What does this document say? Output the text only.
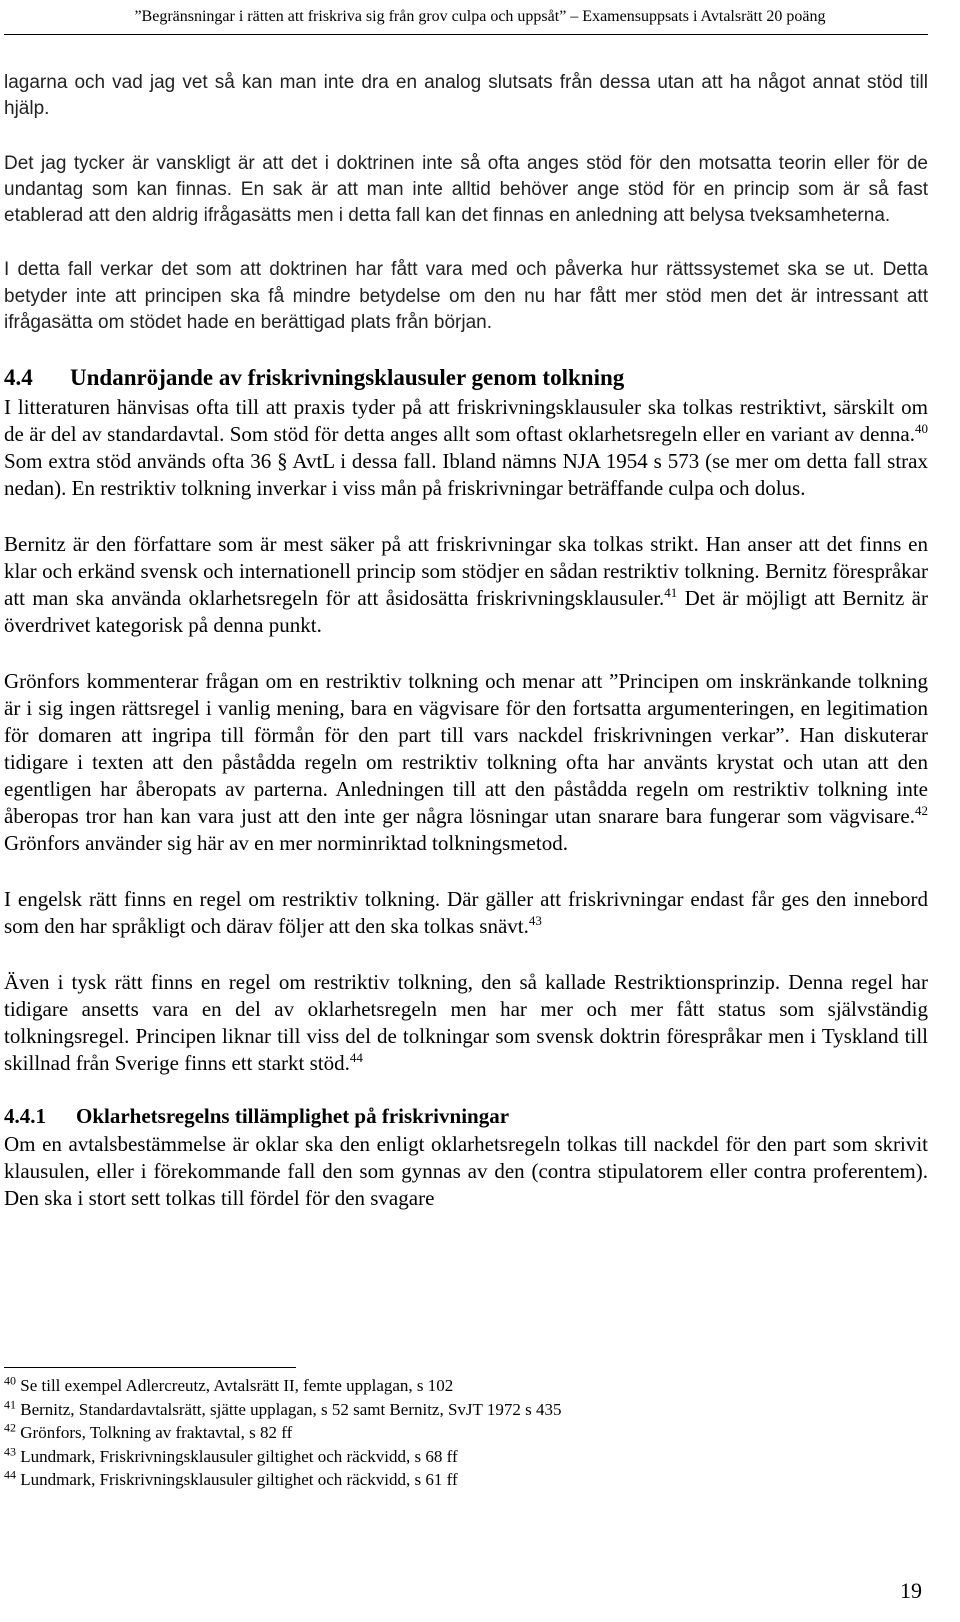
”Begränsningar i rätten att friskriva sig från grov culpa och uppsåt” – Examensuppsats i Avtalsrätt 20 poäng

lagarna och vad jag vet så kan man inte dra en analog slutsats från dessa utan att ha något annat stöd till hjälp.

Det jag tycker är vanskligt är att det i doktrinen inte så ofta anges stöd för den motsatta teorin eller för de undantag som kan finnas. En sak är att man inte alltid behöver ange stöd för en princip som är så fast etablerad att den aldrig ifrågasätts men i detta fall kan det finnas en anledning att belysa tveksamheterna.

I detta fall verkar det som att doktrinen har fått vara med och påverka hur rättssystemet ska se ut. Detta betyder inte att principen ska få mindre betydelse om den nu har fått mer stöd men det är intressant att ifrågasätta om stödet hade en berättigad plats från början.

4.4 Undanröjande av friskrivningsklausuler genom tolkning

I litteraturen hänvisas ofta till att praxis tyder på att friskrivningsklausuler ska tolkas restriktivt, särskilt om de är del av standardavtal. Som stöd för detta anges allt som oftast oklarhetsregeln eller en variant av denna.$^{40}$ Som extra stöd används ofta 36 § AvtL i dessa fall. Ibland nämns NJA 1954 s 573 (se mer om detta fall strax nedan). En restriktiv tolkning inverkar i viss mån på friskrivningar beträffande culpa och dolus.

Bernitz är den författare som är mest säker på att friskrivningar ska tolkas strikt. Han anser att det finns en klar och erkänd svensk och internationell princip som stödjer en sådan restriktiv tolkning. Bernitz förespråkar att man ska använda oklarhetsregeln för att åsidosätta friskrivningsklausuler.$^{41}$ Det är möjligt att Bernitz är överdrivet kategorisk på denna punkt.

Grönfors kommenterar frågan om en restriktiv tolkning och menar att ”Principen om inskränkande tolkning är i sig ingen rättsregel i vanlig mening, bara en vägvisare för den fortsatta argumenteringen, en legitimation för domaren att ingripa till förmån för den part till vars nackdel friskrivningen verkar”. Han diskuterar tidigare i texten att den påstådda regeln om restriktiv tolkning ofta har använts krystat och utan att den egentligen har åberopats av parterna. Anledningen till att den påstådda regeln om restriktiv tolkning inte åberopas tror han kan vara just att den inte ger några lösningar utan snarare bara fungerar som vägvisare.$^{42}$ Grönfors använder sig här av en mer norminriktad tolkningsmetod.

I engelsk rätt finns en regel om restriktiv tolkning. Där gäller att friskrivningar endast får ges den innebord som den har språkligt och därav följer att den ska tolkas snävt.$^{43}$

Även i tysk rätt finns en regel om restriktiv tolkning, den så kallade Restriktionsprinzip. Denna regel har tidigare ansetts vara en del av oklarhetsregeln men har mer och mer fått status som självständig tolkningsregel. Principen liknar till viss del de tolkningar som svensk doktrin förespråkar men i Tyskland till skillnad från Sverige finns ett starkt stöd.$^{44}$

4.4.1 Oklarhetsregelns tillämplighet på friskrivningar

Om en avtalsbestämmelse är oklar ska den enligt oklarhetsregeln tolkas till nackdel för den part som skrivit klausulen, eller i förekommande fall den som gynnas av den (contra stipulatorem eller contra proferentem). Den ska i stort sett tolkas till fördel för den svagare

$^{40}$ Se till exempel Adlercreutz, Avtalsrätt II, femte upplagan, s 102
$^{41}$ Bernitz, Standardavtalsrätt, sjätte upplagan, s 52 samt Bernitz, SvJT 1972 s 435
$^{42}$ Grönfors, Tolkning av fraktavtal, s 82 ff
$^{43}$ Lundmark, Friskrivningsklausuler giltighet och räckvidd, s 68 ff
$^{44}$ Lundmark, Friskrivningsklausuler giltighet och räckvidd, s 61 ff
19
